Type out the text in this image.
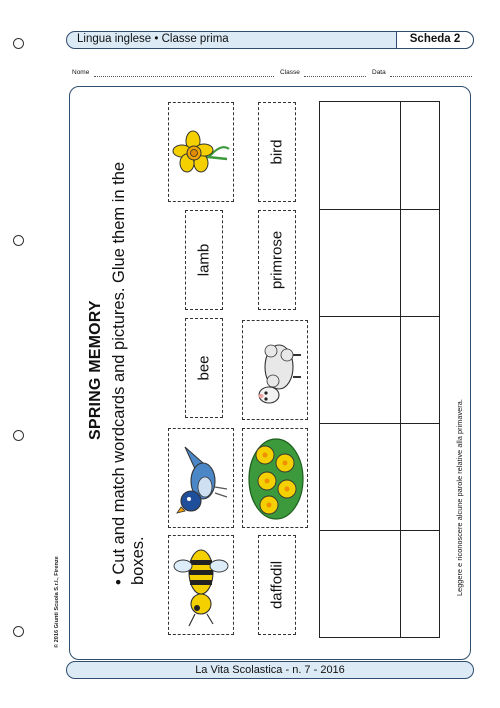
Lingua inglese • Classe prima	Scheda 2
Nome	Classe	Data
© 2016 Giunti Scuola S.r.l., Firenze
SPRING MEMORY • Cut and match wordcards and pictures. Glue them in the boxes.
lamb
bee
bird
primrose
daffodil	Leggere e riconoscere alcune parole relative alla primavera.
La Vita Scolastica - n. 7 - 2016
